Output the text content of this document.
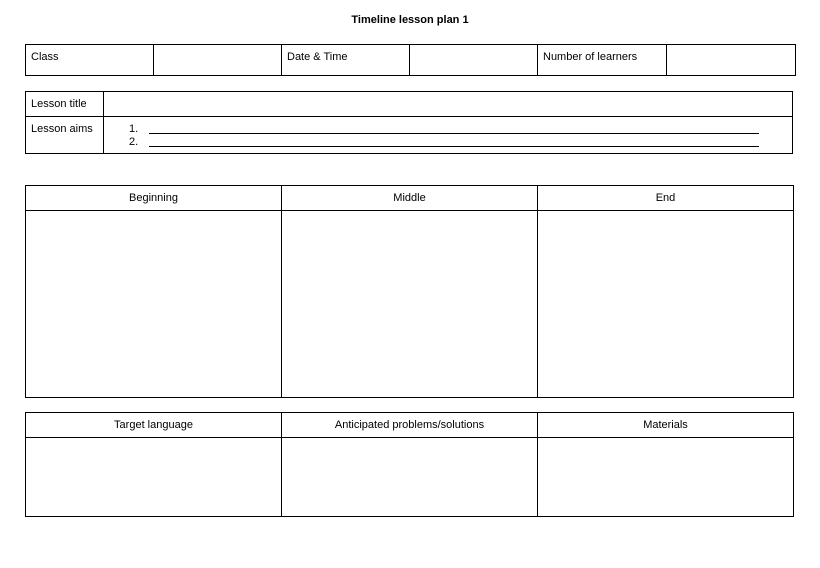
Timeline lesson plan 1
Class		Date & Time		Number of learners	
Lesson title	
Lesson aims	1.
2.
Beginning	Middle	End

Target language	Anticipated problems/solutions	Materials
